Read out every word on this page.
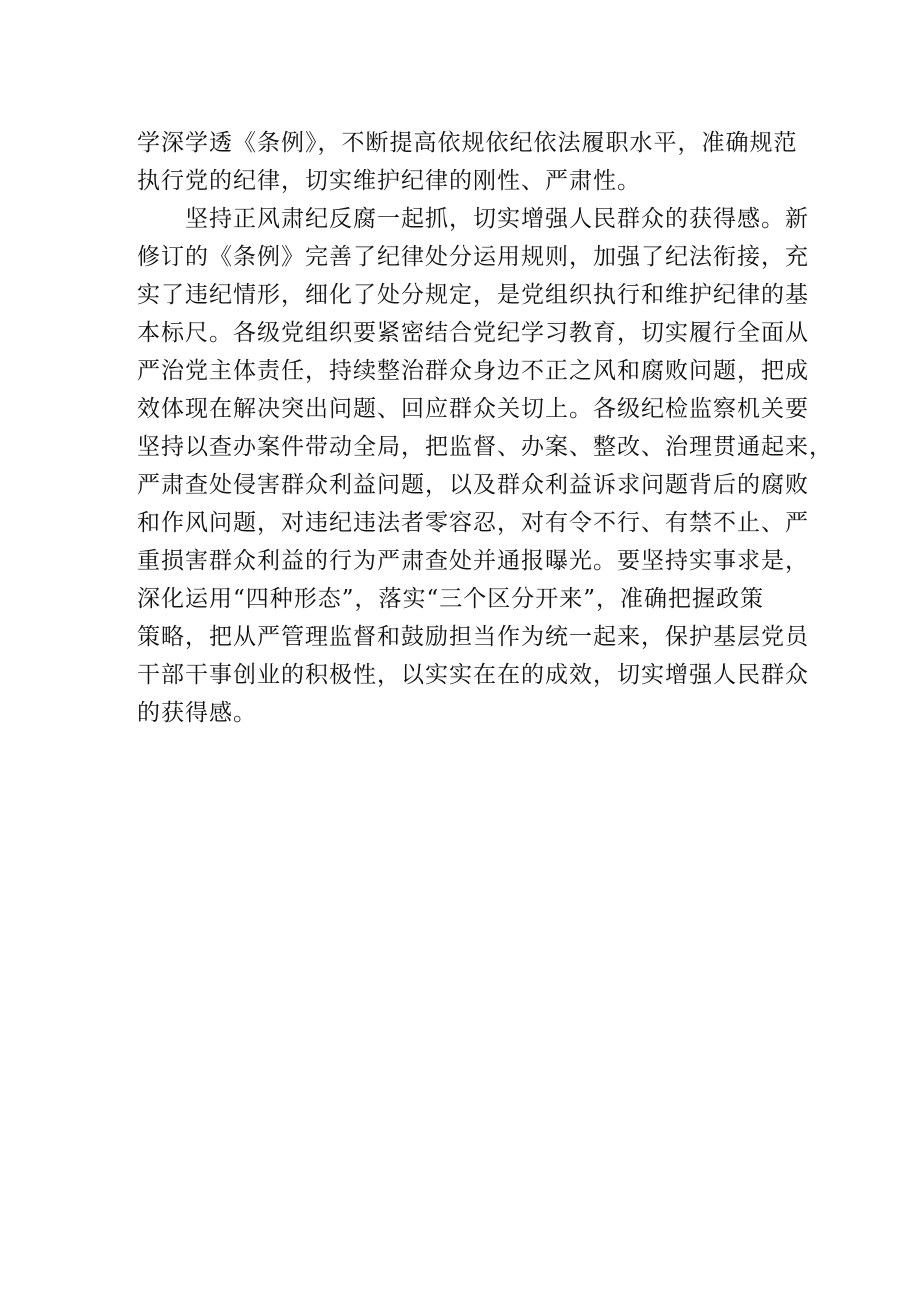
学深学透《条例》，不断提高依规依纪依法履职水平，准确规范
执行党的纪律，切实维护纪律的刚性、严肃性。
坚持正风肃纪反腐一起抓，切实增强人民群众的获得感。新
修订的《条例》完善了纪律处分运用规则，加强了纪法衔接，充
实了违纪情形，细化了处分规定，是党组织执行和维护纪律的基
本标尺。各级党组织要紧密结合党纪学习教育，切实履行全面从
严治党主体责任，持续整治群众身边不正之风和腐败问题，把成
效体现在解决突出问题、回应群众关切上。各级纪检监察机关要
坚持以查办案件带动全局，把监督、办案、整改、治理贯通起来，
严肃查处侵害群众利益问题，以及群众利益诉求问题背后的腐败
和作风问题，对违纪违法者零容忍，对有令不行、有禁不止、严
重损害群众利益的行为严肃查处并通报曝光。要坚持实事求是，
深化运用“四种形态”，落实“三个区分开来”，准确把握政策
策略，把从严管理监督和鼓励担当作为统一起来，保护基层党员
干部干事创业的积极性，以实实在在的成效，切实增强人民群众
的获得感。
